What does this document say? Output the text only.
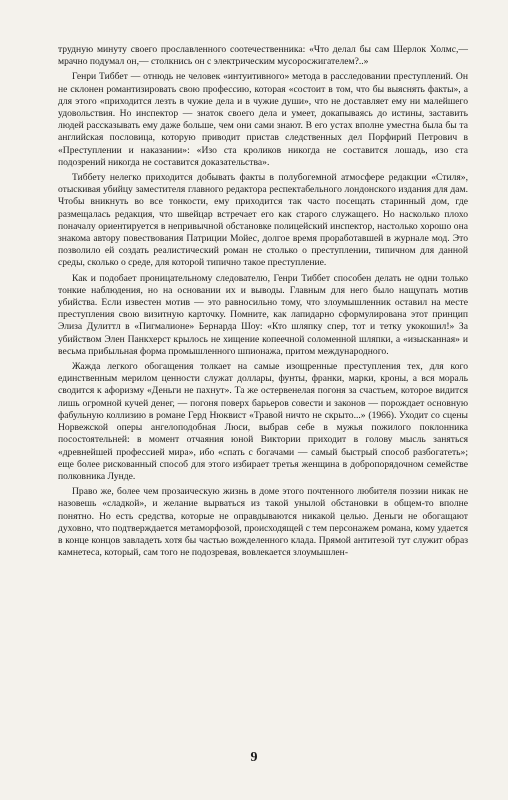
трудную минуту своего прославленного соотечественника: «Что делал бы сам Шерлок Холмс,— мрачно подумал он,— столкнись он с электрическим мусоросжигателем?..»

Генри Тиббет — отнюдь не человек «интуитивного» метода в расследовании преступлений. Он не склонен романтизировать свою профессию, которая «состоит в том, что бы выяснять факты», а для этого «приходится лезть в чужие дела и в чужие души», что не доставляет ему ни малейшего удовольствия. Но инспектор — знаток своего дела и умеет, докапываясь до истины, заставить людей рассказывать ему даже больше, чем они сами знают. В его устах вполне уместна была бы та английская пословица, которую приводит пристав следственных дел Порфирий Петрович в «Преступлении и наказании»: «Изо ста кроликов никогда не составится лошадь, изо ста подозрений никогда не составится доказательства».

Тиббету нелегко приходится добывать факты в полубогемной атмосфере редакции «Стиля», отыскивая убийцу заместителя главного редактора респектабельного лондонского издания для дам. Чтобы вникнуть во все тонкости, ему приходится так часто посещать старинный дом, где размещалась редакция, что швейцар встречает его как старого служащего. Но насколько плохо поначалу ориентируется в непривычной обстановке полицейский инспектор, настолько хорошо она знакома автору повествования Патриции Мойес, долгое время проработавшей в журнале мод. Это позволило ей создать реалистический роман не столько о преступлении, типичном для данной среды, сколько о среде, для которой типично такое преступление.

Как и подобает проницательному следователю, Генри Тиббет способен делать не одни только тонкие наблюдения, но на основании их и выводы. Главным для него было нащупать мотив убийства. Если известен мотив — это равносильно тому, что злоумышленник оставил на месте преступления свою визитную карточку. Помните, как лапидарно сформулирована этот принцип Элиза Дулиттл в «Пигмалионе» Бернарда Шоу: «Кто шляпку спер, тот и тетку укокошил!» За убийством Элен Панкхерст крылось не хищение копеечной соломенной шляпки, а «изысканная» и весьма прибыльная форма промышленного шпионажа, притом международного.

Жажда легкого обогащения толкает на самые изощренные преступления тех, для кого единственным мерилом ценности служат доллары, фунты, франки, марки, кроны, а вся мораль сводится к афоризму «Деньги не пахнут». Та же остервенелая погоня за счастьем, которое видится лишь огромной кучей денег, — погоня поверх барьеров совести и законов — порождает основную фабульную коллизию в романе Герд Нюквист «Травой ничто не скрыто...» (1966). Уходит со сцены Норвежской оперы ангелоподобная Люси, выбрав себе в мужья пожилого поклонника посостоятельней: в момент отчаяния юной Виктории приходит в голову мысль заняться «древнейшей профессией мира», ибо «спать с богачами — самый быстрый способ разбогатеть»; еще более рискованный способ для этого избирает третья женщина в добропорядочном семействе полковника Лунде.

Право же, более чем прозаическую жизнь в доме этого почтенного любителя поэзии никак не назовешь «сладкой», и желание вырваться из такой унылой обстановки в общем-то вполне понятно. Но есть средства, которые не оправдываются никакой целью. Деньги не обогащают духовно, что подтверждается метаморфозой, происходящей с тем персонажем романа, кому удается в конце концов завладеть хотя бы частью вожделенного клада. Прямой антитезой тут служит образ камнетеса, который, сам того не подозревая, вовлекается злоумышлен-

9
